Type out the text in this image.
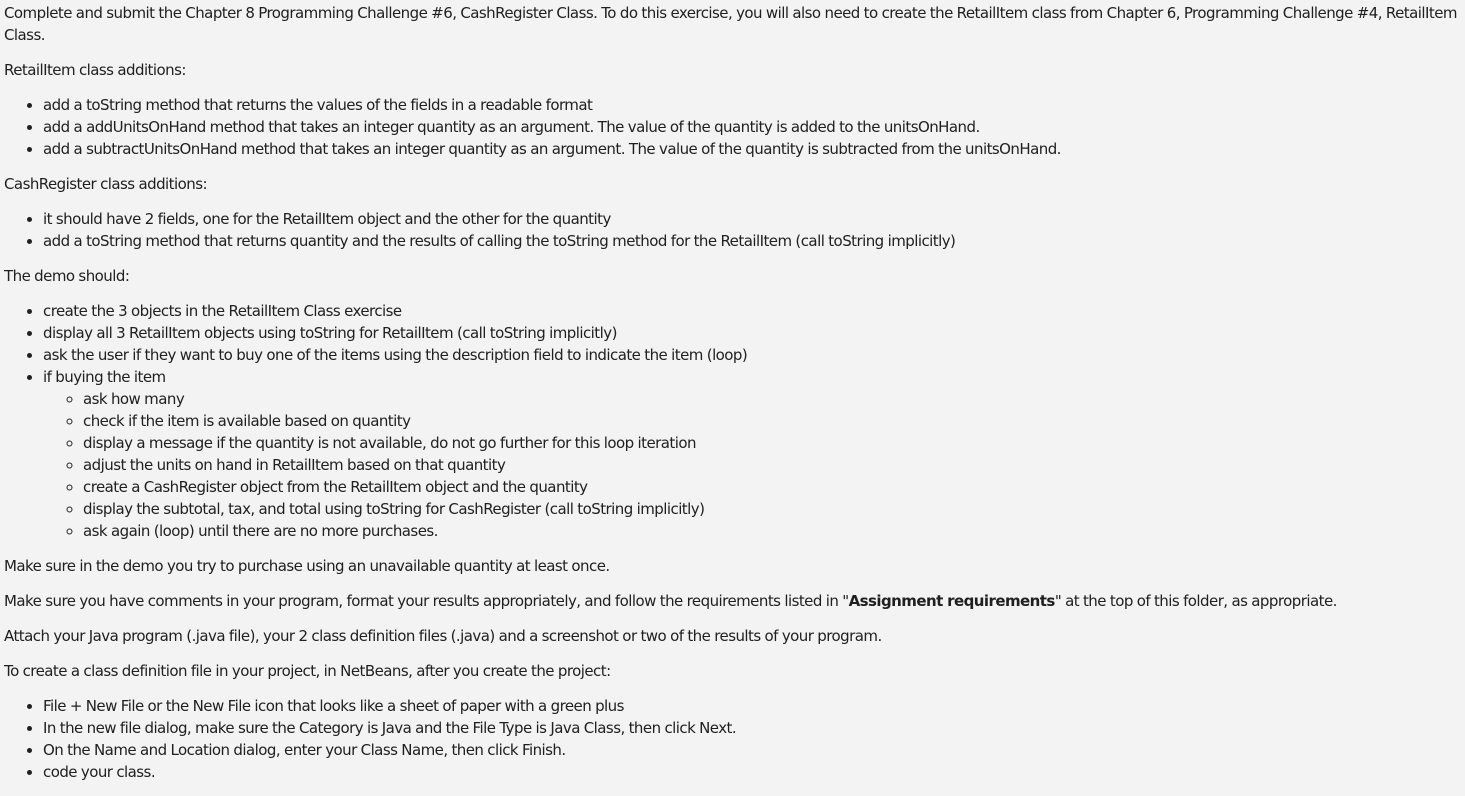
Complete and submit the Chapter 8 Programming Challenge #6, CashRegister Class. To do this exercise, you will also need to create the RetailItem class from Chapter 6, Programming Challenge #4, RetailItem Class.

RetailItem class additions:

• add a toString method that returns the values of the fields in a readable format
• add a addUnitsOnHand method that takes an integer quantity as an argument. The value of the quantity is added to the unitsOnHand.
• add a subtractUnitsOnHand method that takes an integer quantity as an argument. The value of the quantity is subtracted from the unitsOnHand.

CashRegister class additions:

• it should have 2 fields, one for the RetailItem object and the other for the quantity
• add a toString method that returns quantity and the results of calling the toString method for the RetailItem (call toString implicitly)

The demo should:

• create the 3 objects in the RetailItem Class exercise
• display all 3 RetailItem objects using toString for RetailItem (call toString implicitly)
• ask the user if they want to buy one of the items using the description field to indicate the item (loop)
• if buying the item
◦ ask how many
◦ check if the item is available based on quantity
◦ display a message if the quantity is not available, do not go further for this loop iteration
◦ adjust the units on hand in RetailItem based on that quantity
◦ create a CashRegister object from the RetailItem object and the quantity
◦ display the subtotal, tax, and total using toString for CashRegister (call toString implicitly)
◦ ask again (loop) until there are no more purchases.

Make sure in the demo you try to purchase using an unavailable quantity at least once.

Make sure you have comments in your program, format your results appropriately, and follow the requirements listed in "Assignment requirements" at the top of this folder, as appropriate.

Attach your Java program (.java file), your 2 class definition files (.java) and a screenshot or two of the results of your program.

To create a class definition file in your project, in NetBeans, after you create the project:

• File + New File or the New File icon that looks like a sheet of paper with a green plus
• In the new file dialog, make sure the Category is Java and the File Type is Java Class, then click Next.
• On the Name and Location dialog, enter your Class Name, then click Finish.
• code your class.
